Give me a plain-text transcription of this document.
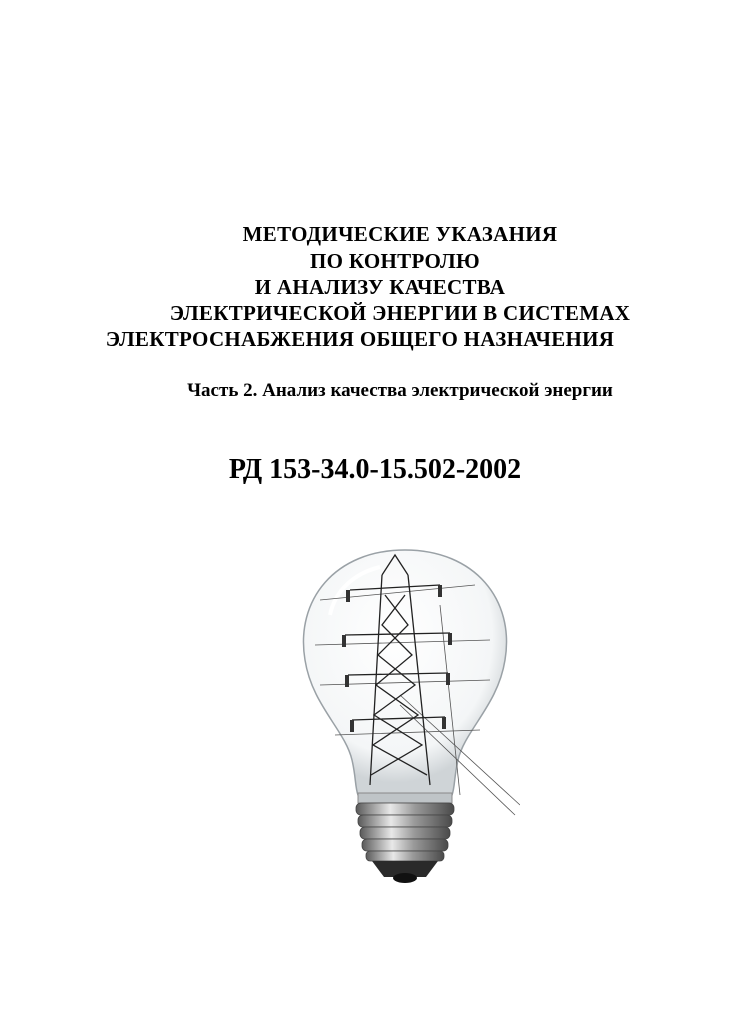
МЕТОДИЧЕСКИЕ УКАЗАНИЯ
ПО КОНТРОЛЮ
И АНАЛИЗУ КАЧЕСТВА
ЭЛЕКТРИЧЕСКОЙ ЭНЕРГИИ В СИСТЕМАХ
ЭЛЕКТРОСНАБЖЕНИЯ ОБЩЕГО НАЗНАЧЕНИЯ
Часть 2. Анализ качества электрической энергии
РД 153-34.0-15.502-2002
